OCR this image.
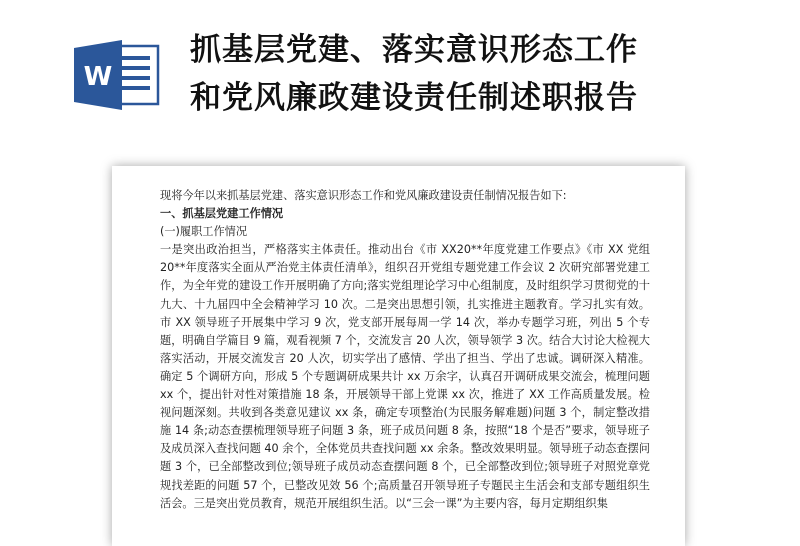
W
抓基层党建、落实意识形态工作
和党风廉政建设责任制述职报告

现将今年以来抓基层党建、落实意识形态工作和党风廉政建设责任制情况报告如下:

一、抓基层党建工作情况

(一)履职工作情况

一是突出政治担当，严格落实主体责任。推动出台《市 XX20**年度党建工作要点》《市 XX 党组 20**年度落实全面从严治党主体责任清单》，组织召开党组专题党建工作会议 2 次研究部署党建工作，为全年党的建设工作开展明确了方向;落实党组理论学习中心组制度，及时组织学习贯彻党的十九大、十九届四中全会精神学习 10 次。二是突出思想引领，扎实推进主题教育。学习扎实有效。市 XX 领导班子开展集中学习 9 次，党支部开展每周一学 14 次，举办专题学习班，列出 5 个专题，明确自学篇目 9 篇，观看视频 7 个，交流发言 20 人次，领导领学 3 次。结合大讨论大检视大落实活动，开展交流发言 20 人次，切实学出了感情、学出了担当、学出了忠诚。调研深入精准。确定 5 个调研方向，形成 5 个专题调研成果共计 xx 万余字，认真召开调研成果交流会，梳理问题 xx 个，提出针对性对策措施 18 条，开展领导干部上党课 xx 次，推进了 XX 工作高质量发展。检视问题深刻。共收到各类意见建议 xx 条，确定专项整治(为民服务解难题)问题 3 个，制定整改措施 14 条;动态查摆梳理领导班子问题 3 条，班子成员问题 8 条，按照“18 个是否”要求，领导班子及成员深入查找问题 40 余个，全体党员共查找问题 xx 余条。整改效果明显。领导班子动态查摆问题 3 个，已全部整改到位;领导班子成员动态查摆问题 8 个，已全部整改到位;领导班子对照党章党规找差距的问题 57 个，已整改见效 56 个;高质量召开领导班子专题民主生活会和支部专题组织生活会。三是突出党员教育，规范开展组织生活。以“三会一课”为主要内容，每月定期组织集
